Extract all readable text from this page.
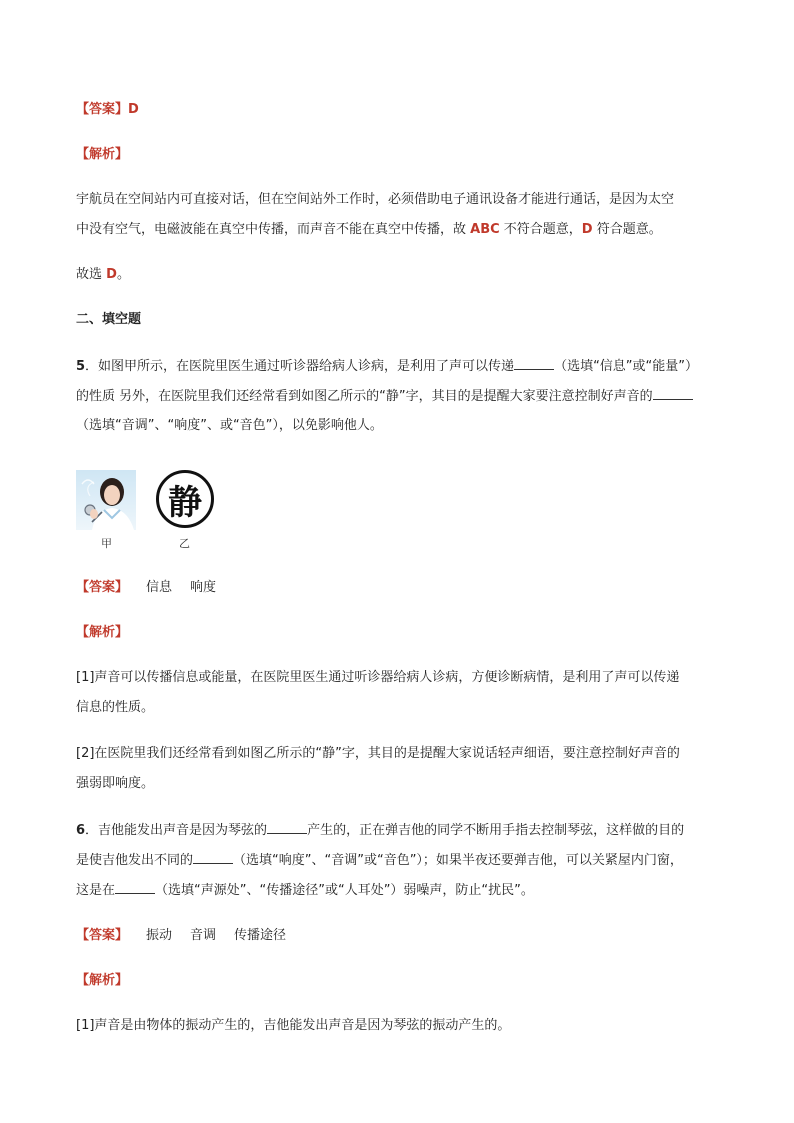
【答案】D
【解析】
宇航员在空间站内可直接对话，但在空间站外工作时，必须借助电子通讯设备才能进行通话，是因为太空
中没有空气，电磁波能在真空中传播，而声音不能在真空中传播，故 ABC 不符合题意，D 符合题意。
故选 D。
二、填空题
5．如图甲所示，在医院里医生通过听诊器给病人诊病，是利用了声可以传递	（选填“信息”或“能量”）
的性质 另外，在医院里我们还经常看到如图乙所示的“静”字，其目的是提醒大家要注意控制好声音的
（选填“音调”、“响度”、或“音色”），以免影响他人。
甲
静
乙
【答案】 信息 响度
【解析】
[1]声音可以传播信息或能量，在医院里医生通过听诊器给病人诊病，方便诊断病情，是利用了声可以传递
信息的性质。
[2]在医院里我们还经常看到如图乙所示的“静”字，其目的是提醒大家说话轻声细语，要注意控制好声音的
强弱即响度。
6．吉他能发出声音是因为琴弦的	产生的，正在弹吉他的同学不断用手指去控制琴弦，这样做的目的
是使吉他发出不同的	（选填“响度”、“音调”或“音色”）；如果半夜还要弹吉他，可以关紧屋内门窗，
这是在	（选填“声源处”、“传播途径”或“人耳处”）弱噪声，防止“扰民”。
【答案】 振动 音调 传播途径
【解析】
[1]声音是由物体的振动产生的，吉他能发出声音是因为琴弦的振动产生的。
